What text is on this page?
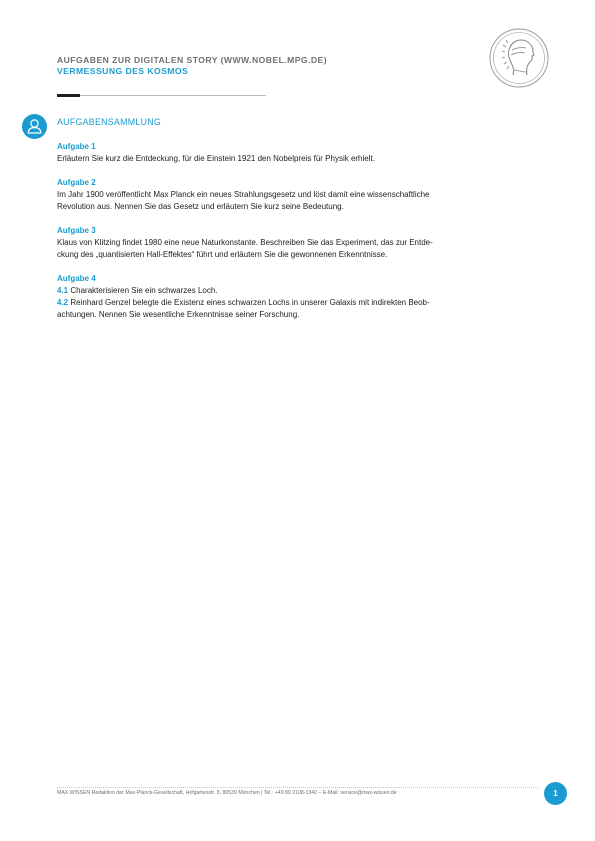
AUFGABEN ZUR DIGITALEN STORY (WWW.NOBEL.MPG.DE)
VERMESSUNG DES KOSMOS
AUFGABENSAMMLUNG
Aufgabe 1
Erläutern Sie kurz die Entdeckung, für die Einstein 1921 den Nobelpreis für Physik erhielt.
Aufgabe 2
Im Jahr 1900 veröffentlicht Max Planck ein neues Strahlungsgesetz und löst damit eine wissenschaftliche
Revolution aus. Nennen Sie das Gesetz und erläutern Sie kurz seine Bedeutung.
Aufgabe 3
Klaus von Klitzing findet 1980 eine neue Naturkonstante. Beschreiben Sie das Experiment, das zur Entde-
ckung des „quantisierten Hall-Effektes“ führt und erläutern Sie die gewonnenen Erkenntnisse.
Aufgabe 4
4.1 Charakterisieren Sie ein schwarzes Loch.
4.2 Reinhard Genzel belegte die Existenz eines schwarzen Lochs in unserer Galaxis mit indirekten Beob-
achtungen. Nennen Sie wesentliche Erkenntnisse seiner Forschung.
MAX WISSEN Redaktion der Max-Planck-Gesellschaft, Hofgartenstr. 8, 80539 München | Tel.: +49 89 2108-1342 – E-Mail: service@max-wissen.de	1
